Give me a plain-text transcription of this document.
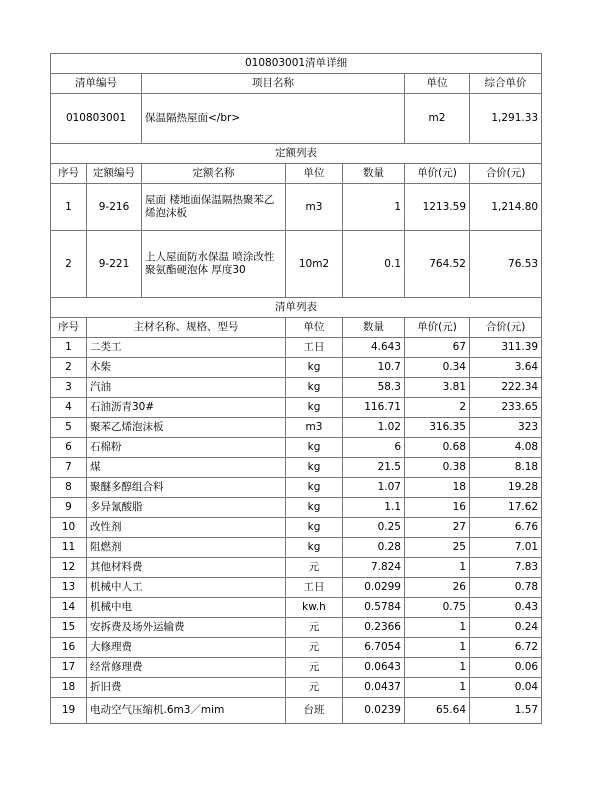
010803001清单详细						
清单编号		项目名称			单位	综合单价
010803001		保温隔热屋面</br>			m2	1,291.33
定额列表						
序号	定额编号	定额名称	单位	数量	单价(元)	合价(元)
1	9-216	屋面 楼地面保温隔热聚苯乙烯泡沫板	m3	1	1213.59	1,214.80
2	9-221	上人屋面防水保温 喷涂改性聚氨酯硬泡体 厚度30	10m2	0.1	764.52	76.53
清单列表						
序号	主材名称、规格、型号		单位	数量	单价(元)	合价(元)
1	二类工		工日	4.643	67	311.39
2	木柴		kg	10.7	0.34	3.64
3	汽油		kg	58.3	3.81	222.34
4	石油沥青30#		kg	116.71	2	233.65
5	聚苯乙烯泡沫板		m3	1.02	316.35	323
6	石棉粉		kg	6	0.68	4.08
7	煤		kg	21.5	0.38	8.18
8	聚醚多醇组合料		kg	1.07	18	19.28
9	多异氰酸脂		kg	1.1	16	17.62
10	改性剂		kg	0.25	27	6.76
11	阻燃剂		kg	0.28	25	7.01
12	其他材料费		元	7.824	1	7.83
13	机械中人工		工日	0.0299	26	0.78
14	机械中电		kw.h	0.5784	0.75	0.43
15	安拆费及场外运输费		元	0.2366	1	0.24
16	大修理费		元	6.7054	1	6.72
17	经常修理费		元	0.0643	1	0.06
18	折旧费		元	0.0437	1	0.04
19	电动空气压缩机.6m3／mim		台班	0.0239	65.64	1.57
